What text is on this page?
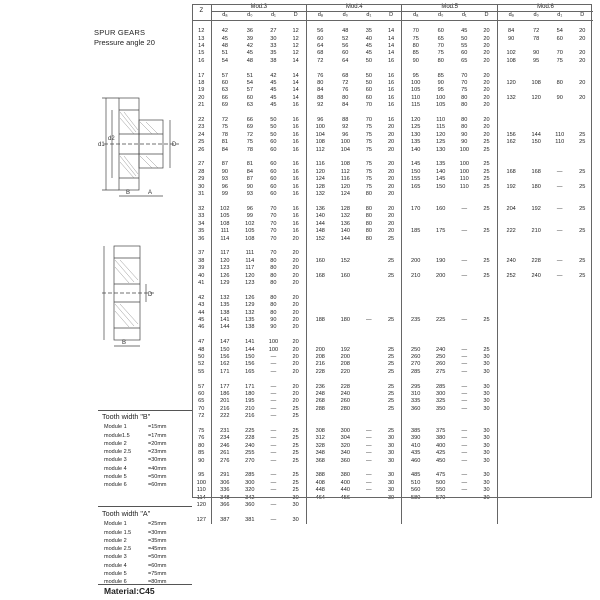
SPUR GEARS
Pressure angle 20
d1
d2
B	A
D
B
D
Tooth width "B"
Module 1	=15mm
module1.5	=17mm
module 2	=20mm
module 2.5	=23mm
module 3	=30mm
module 4	=40mm
module 5	=50mm
module 6	=60mm
Tooth width "A"
Module 1	=25mm
module 1.5	=30mm
module 2	=35mm
module 2.5	=45mm
module 3	=50mm
module 4	=60mm
module 5	=75mm
module 6	=80mm
Material:C45
Z	Mod.3				Mod.4				Mod.5				Mod.6			
	dₐ	d₀	d₁	D	dₐ	d₀	d₁	D	dₐ	d₀	d₁	D	dₐ	d₀	d₁	D

12	42	36	27	12	56	48	35	14	70	60	45	20	84	72	54	20
13	45	39	30	12	60	52	40	14	75	65	50	20	90	78	60	20
14	48	42	33	12	64	56	45	14	80	70	55	20				
15	51	45	35	12	68	60	45	14	85	75	60	20	102	90	70	20
16	54	48	38	14	72	64	50	16	90	80	65	20	108	95	75	20

17	57	51	42	14	76	68	50	16	95	85	70	20				
18	60	54	45	14	80	72	50	16	100	90	70	20	120	108	80	20
19	63	57	45	14	84	76	60	16	105	95	75	20				
20	66	60	45	14	88	80	60	16	110	100	80	20	132	120	90	20
21	69	63	45	16	92	84	70	16	115	105	80	20				

22	72	66	50	16	96	88	70	16	120	110	80	20				
23	75	69	50	16	100	92	75	20	125	115	80	20				
24	78	72	50	16	104	96	75	20	130	120	90	20	156	144	110	25
25	81	75	60	16	108	100	75	20	135	125	90	25	162	150	110	25
26	84	78	60	16	112	104	75	20	140	130	100	25				

27	87	81	60	16	116	108	75	20	145	135	100	25				
28	90	84	60	16	120	112	75	20	150	140	100	25	168	168	—	25
29	93	87	60	16	124	116	75	20	155	145	110	25				
30	96	90	60	16	128	120	75	20	165	150	110	25	192	180	—	25
31	99	93	60	16	132	124	80	20								

32	102	96	70	16	136	128	80	20	170	160	—	25	204	192	—	25
33	105	99	70	16	140	132	80	20								
34	108	102	70	16	144	136	80	20								
35	111	105	70	16	148	140	80	20	185	175	—	25	222	210	—	25
36	114	108	70	20	152	144	80	25								

37	117	111	70	20												
38	120	114	80	20	160	152		25	200	190	—	25	240	228	—	25
39	123	117	80	20												
40	126	120	80	20	168	160		25	210	200	—	25	252	240	—	25
41	129	123	80	20												

42	132	126	80	20												
43	135	129	80	20												
44	138	132	80	20												
45	141	135	90	20	188	180	—	25	235	225	—	25				
46	144	138	90	20												

47	147	141	100	20												
48	150	144	100	20	200	192		25	250	240	—	25				
50	156	150	—	20	208	200		25	260	250	—	30				
52	162	156	—	20	216	208		25	270	260	—	30				
55	171	165	—	20	228	220		25	285	275	—	30				

57	177	171	—	20	236	228		25	295	285	—	30				
60	186	180	—	20	248	240		25	310	300	—	30				
65	201	195	—	20	268	260		25	335	325	—	30				
70	216	210	—	25	288	280		25	360	350	—	30				
72	222	216	—	25												

75	231	225	—	25	308	300	—	25	385	375	—	30				
76	234	228	—	25	312	304	—	30	390	380	—	30				
80	246	240	—	25	328	320	—	30	410	400	—	30				
85	261	255	—	25	348	340	—	30	435	425	—	30				
90	276	270	—	25	368	360	—	30	460	450	—	30				

95	291	285	—	25	388	380	—	30	485	475	—	30				
100	306	300	—	25	408	400	—	30	510	500	—	30				
110	336	320	—	25	448	440	—	30	560	550	—	30				
114	348	342	—	30	464	456	—	30	580	570	—	30				
120	366	360	—	30												

127	387	381	—	30												
